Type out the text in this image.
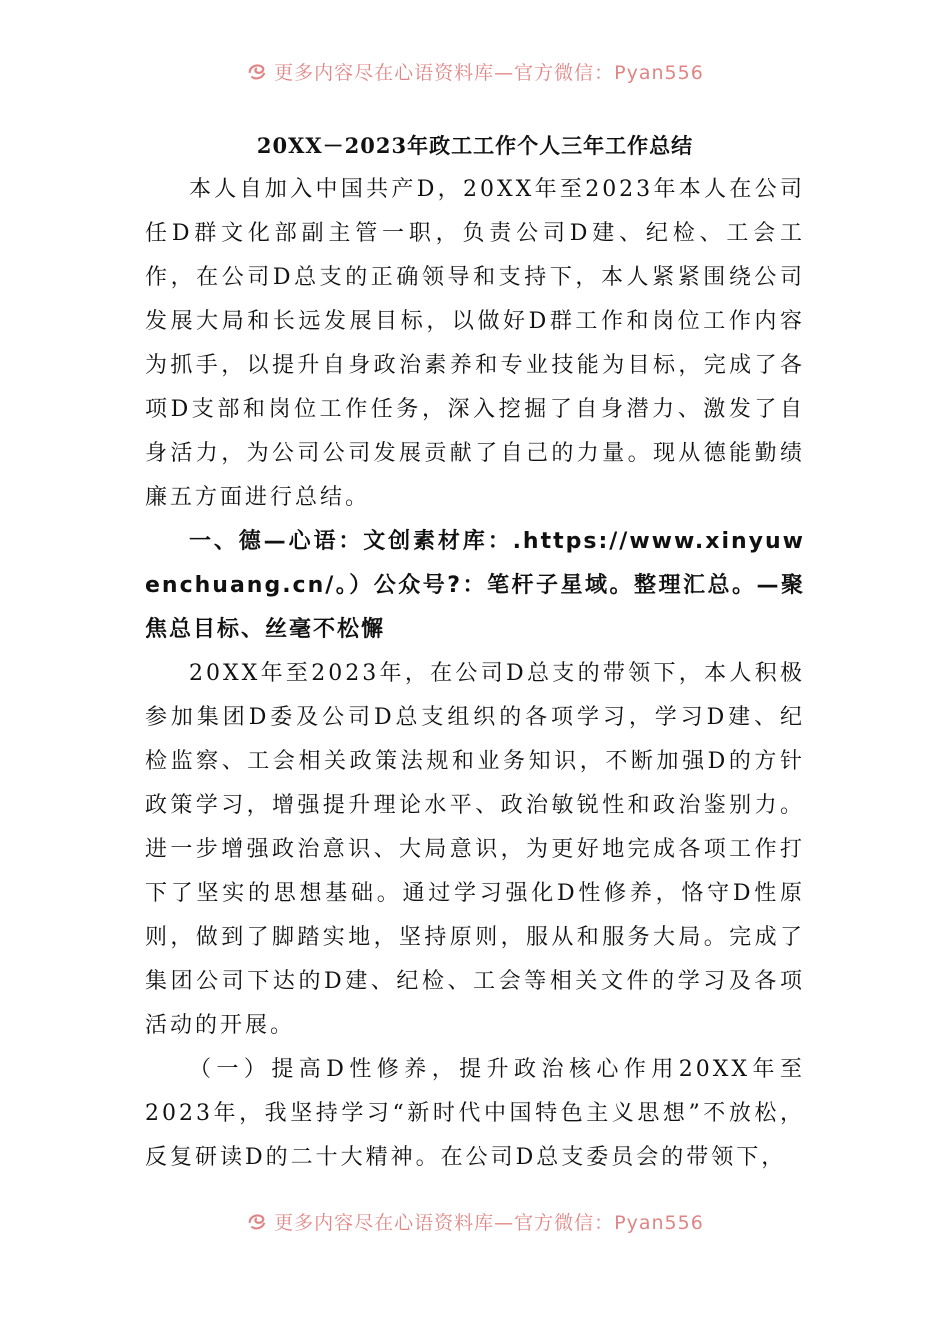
更多内容尽在心语资料库—官方微信：Pyan556
20XX－2023年政工工作个人三年工作总结

本人自加入中国共产D，20XX年至2023年本人在公司任D群文化部副主管一职，负责公司D建、纪检、工会工作，在公司D总支的正确领导和支持下，本人紧紧围绕公司发展大局和长远发展目标，以做好D群工作和岗位工作内容为抓手，以提升自身政治素养和专业技能为目标，完成了各项D支部和岗位工作任务，深入挖掘了自身潜力、激发了自身活力，为公司公司发展贡献了自己的力量。现从德能勤绩廉五方面进行总结。

一、德—心语：文创素材库：.https://www.xinyuwenchuang.cn/。）公众号?：笔杆子星域。整理汇总。—聚焦总目标、丝毫不松懈

20XX年至2023年，在公司D总支的带领下，本人积极参加集团D委及公司D总支组织的各项学习，学习D建、纪检监察、工会相关政策法规和业务知识，不断加强D的方针政策学习，增强提升理论水平、政治敏锐性和政治鉴别力。进一步增强政治意识、大局意识，为更好地完成各项工作打下了坚实的思想基础。通过学习强化D性修养，恪守D性原则，做到了脚踏实地，坚持原则，服从和服务大局。完成了集团公司下达的D建、纪检、工会等相关文件的学习及各项活动的开展。

（一）提高D性修养，提升政治核心作用20XX年至2023年，我坚持学习“新时代中国特色主义思想”不放松，反复研读D的二十大精神。在公司D总支委员会的带领下，

更多内容尽在心语资料库—官方微信：Pyan556
